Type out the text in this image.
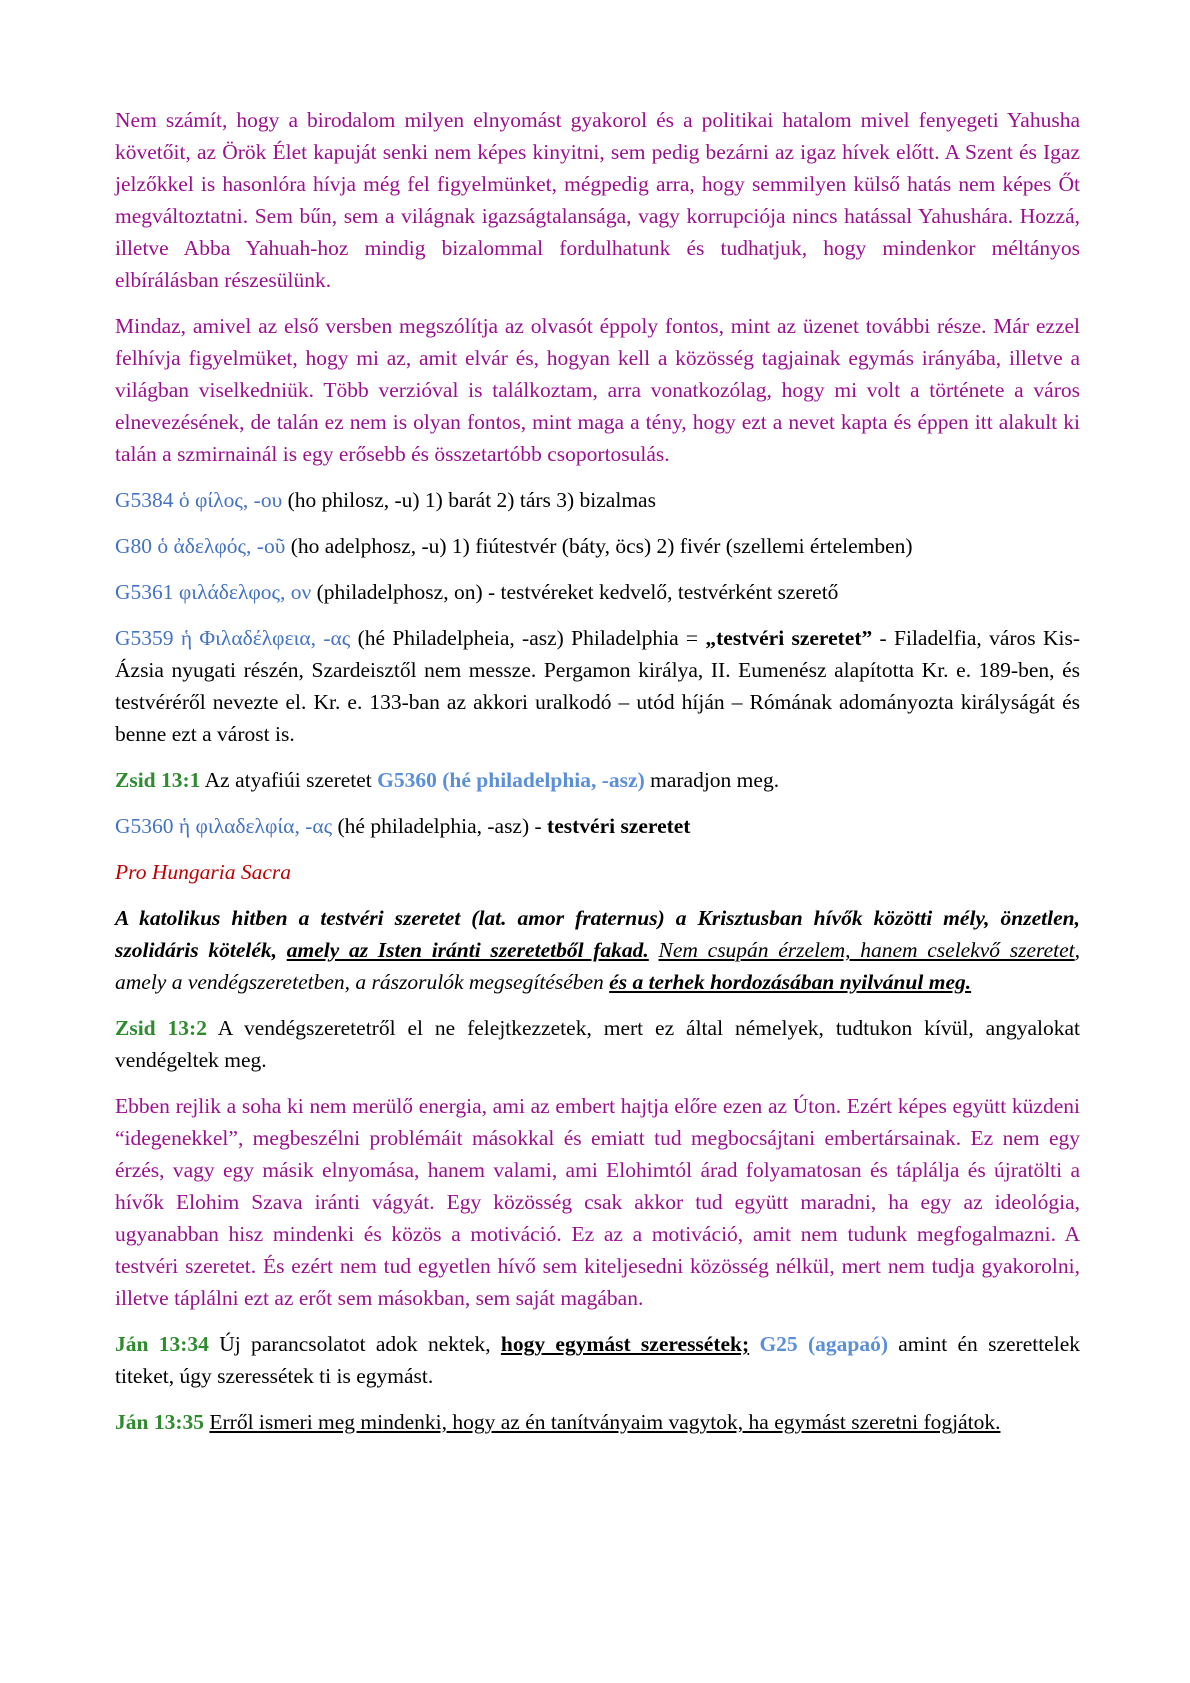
Nem számít, hogy a birodalom milyen elnyomást gyakorol és a politikai hatalom mivel fenyegeti Yahusha követőit, az Örök Élet kapuját senki nem képes kinyitni, sem pedig bezárni az igaz hívek előtt. A Szent és Igaz jelzőkkel is hasonlóra hívja még fel figyelmünket, mégpedig arra, hogy semmilyen külső hatás nem képes Őt megváltoztatni. Sem bűn, sem a világnak igazságtalansága, vagy korrupciója nincs hatással Yahushára. Hozzá, illetve Abba Yahuah-hoz mindig bizalommal fordulhatunk és tudhatjuk, hogy mindenkor méltányos elbírálásban részesülünk.

Mindaz, amivel az első versben megszólítja az olvasót éppoly fontos, mint az üzenet további része. Már ezzel felhívja figyelmüket, hogy mi az, amit elvár és, hogyan kell a közösség tagjainak egymás irányába, illetve a világban viselkedniük. Több verzióval is találkoztam, arra vonatkozólag, hogy mi volt a története a város elnevezésének, de talán ez nem is olyan fontos, mint maga a tény, hogy ezt a nevet kapta és éppen itt alakult ki talán a szmirnainál is egy erősebb és összetartóbb csoportosulás.

G5384 ὁ φίλος, -ου (ho philosz, -u) 1) barát 2) társ 3) bizalmas

G80 ὁ ἀδελφός, -οῦ (ho adelphosz, -u) 1) fiútestvér (báty, öcs) 2) fivér (szellemi értelemben)

G5361 φιλάδελφος, ον (philadelphosz, on) - testvéreket kedvelő, testvérként szerető

G5359 ἡ Φιλαδέλφεια, -ας (hé Philadelpheia, -asz) Philadelphia = „testvéri szeretet” - Filadelfia, város Kis-Ázsia nyugati részén, Szardeisztől nem messze. Pergamon királya, II. Eumenész alapította Kr. e. 189-ben, és testvéréről nevezte el. Kr. e. 133-ban az akkori uralkodó – utód híján – Rómának adományozta királyságát és benne ezt a várost is.

Zsid 13:1 Az atyafiúi szeretet G5360 (hé philadelphia, -asz) maradjon meg.

G5360 ἡ φιλαδελφία, -ας (hé philadelphia, -asz) - testvéri szeretet

Pro Hungaria Sacra

A katolikus hitben a testvéri szeretet (lat. amor fraternus) a Krisztusban hívők közötti mély, önzetlen, szolidáris kötelék, amely az Isten iránti szeretetből fakad. Nem csupán érzelem, hanem cselekvő szeretet, amely a vendégszeretetben, a rászorulók megsegítésében és a terhek hordozásában nyilvánul meg.

Zsid 13:2 A vendégszeretetről el ne felejtkezzetek, mert ez által némelyek, tudtukon kívül, angyalokat vendégeltek meg.

Ebben rejlik a soha ki nem merülő energia, ami az embert hajtja előre ezen az Úton. Ezért képes együtt küzdeni “idegenekkel”, megbeszélni problémáit másokkal és emiatt tud megbocsájtani embertársainak. Ez nem egy érzés, vagy egy másik elnyomása, hanem valami, ami Elohimtól árad folyamatosan és táplálja és újratölti a hívők Elohim Szava iránti vágyát. Egy közösség csak akkor tud együtt maradni, ha egy az ideológia, ugyanabban hisz mindenki és közös a motiváció. Ez az a motiváció, amit nem tudunk megfogalmazni. A testvéri szeretet. És ezért nem tud egyetlen hívő sem kiteljesedni közösség nélkül, mert nem tudja gyakorolni, illetve táplálni ezt az erőt sem másokban, sem saját magában.

Ján 13:34 Új parancsolatot adok nektek, hogy egymást szeressétek; G25 (agapaó) amint én szerettelek titeket, úgy szeressétek ti is egymást.

Ján 13:35 Erről ismeri meg mindenki, hogy az én tanítványaim vagytok, ha egymást szeretni fogjátok.
